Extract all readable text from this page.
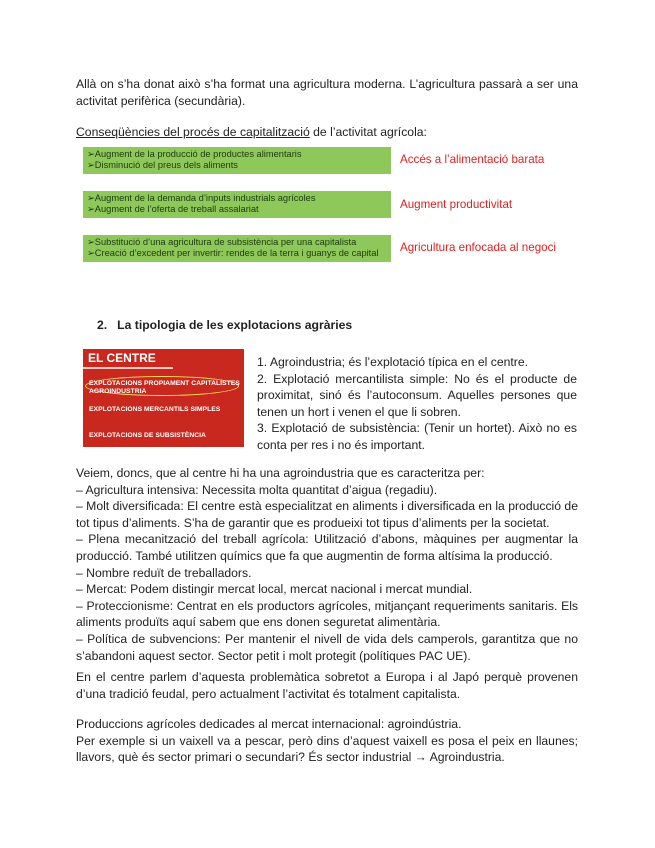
Allà on s’ha donat això s’ha format una agricultura moderna. L’agricultura passarà a ser una activitat perifèrica (secundària).

Conseqüències del procés de capitalització de l’activitat agrícola:

➢Augment de la producció de productes alimentaris
➢Disminució del preus dels aliments	Accés a l’alimentació barata
➢Augment de la demanda d’inputs industrials agrícoles
➢Augment de l’oferta de treball assalariat	Augment productivitat
➢Substitució d’una agricultura de subsistència per una capitalista
➢Creació d’excedent per invertir: rendes de la terra i guanys de capital	Agricultura enfocada al negoci
2. La tipologia de les explotacions agràries
EL CENTRE
EXPLOTACIONS PROPIAMENT CAPITALISTES
AGROINDUSTRIA
EXPLOTACIONS MERCANTILS SIMPLES
EXPLOTACIONS DE SUBSISTÈNCIA
1. Agroindustria; és l’explotació típica en el centre.
2. Explotació mercantilista simple: No és el producte de proximitat, sinó és l’autoconsum. Aquelles persones que tenen un hort i venen el que li sobren.
3. Explotació de subsistència: (Tenir un hortet). Això no es conta per res i no és important.
Veiem, doncs, que al centre hi ha una agroindustria que es caracteritza per:
– Agricultura intensiva: Necessita molta quantitat d’aigua (regadiu).
– Molt diversificada: El centre està especialitzat en aliments i diversificada en la producció de tot tipus d’aliments. S’ha de garantir que es produeixi tot tipus d’aliments per la societat.
– Plena mecanització del treball agrícola: Utilització d’abons, màquines per augmentar la producció. També utilitzen químics que fa que augmentin de forma altísima la producció.
– Nombre reduït de treballadors.
– Mercat: Podem distingir mercat local, mercat nacional i mercat mundial.
– Proteccionisme: Centrat en els productors agrícoles, mitjançant requeriments sanitaris. Els aliments produïts aquí sabem que ens donen seguretat alimentària.
– Política de subvencions: Per mantenir el nivell de vida dels camperols, garantitza que no s’abandoni aquest sector. Sector petit i molt protegit (polítiques PAC UE).

En el centre parlem d’aquesta problemàtica sobretot a Europa i al Japó perquè provenen d’una tradició feudal, pero actualment l’activitat és totalment capitalista.

Produccions agrícoles dedicades al mercat internacional: agroindústria.
Per exemple si un vaixell va a pescar, però dins d’aquest vaixell es posa el peix en llaunes; llavors, què és sector primari o secundari? És sector industrial → Agroindustria.
